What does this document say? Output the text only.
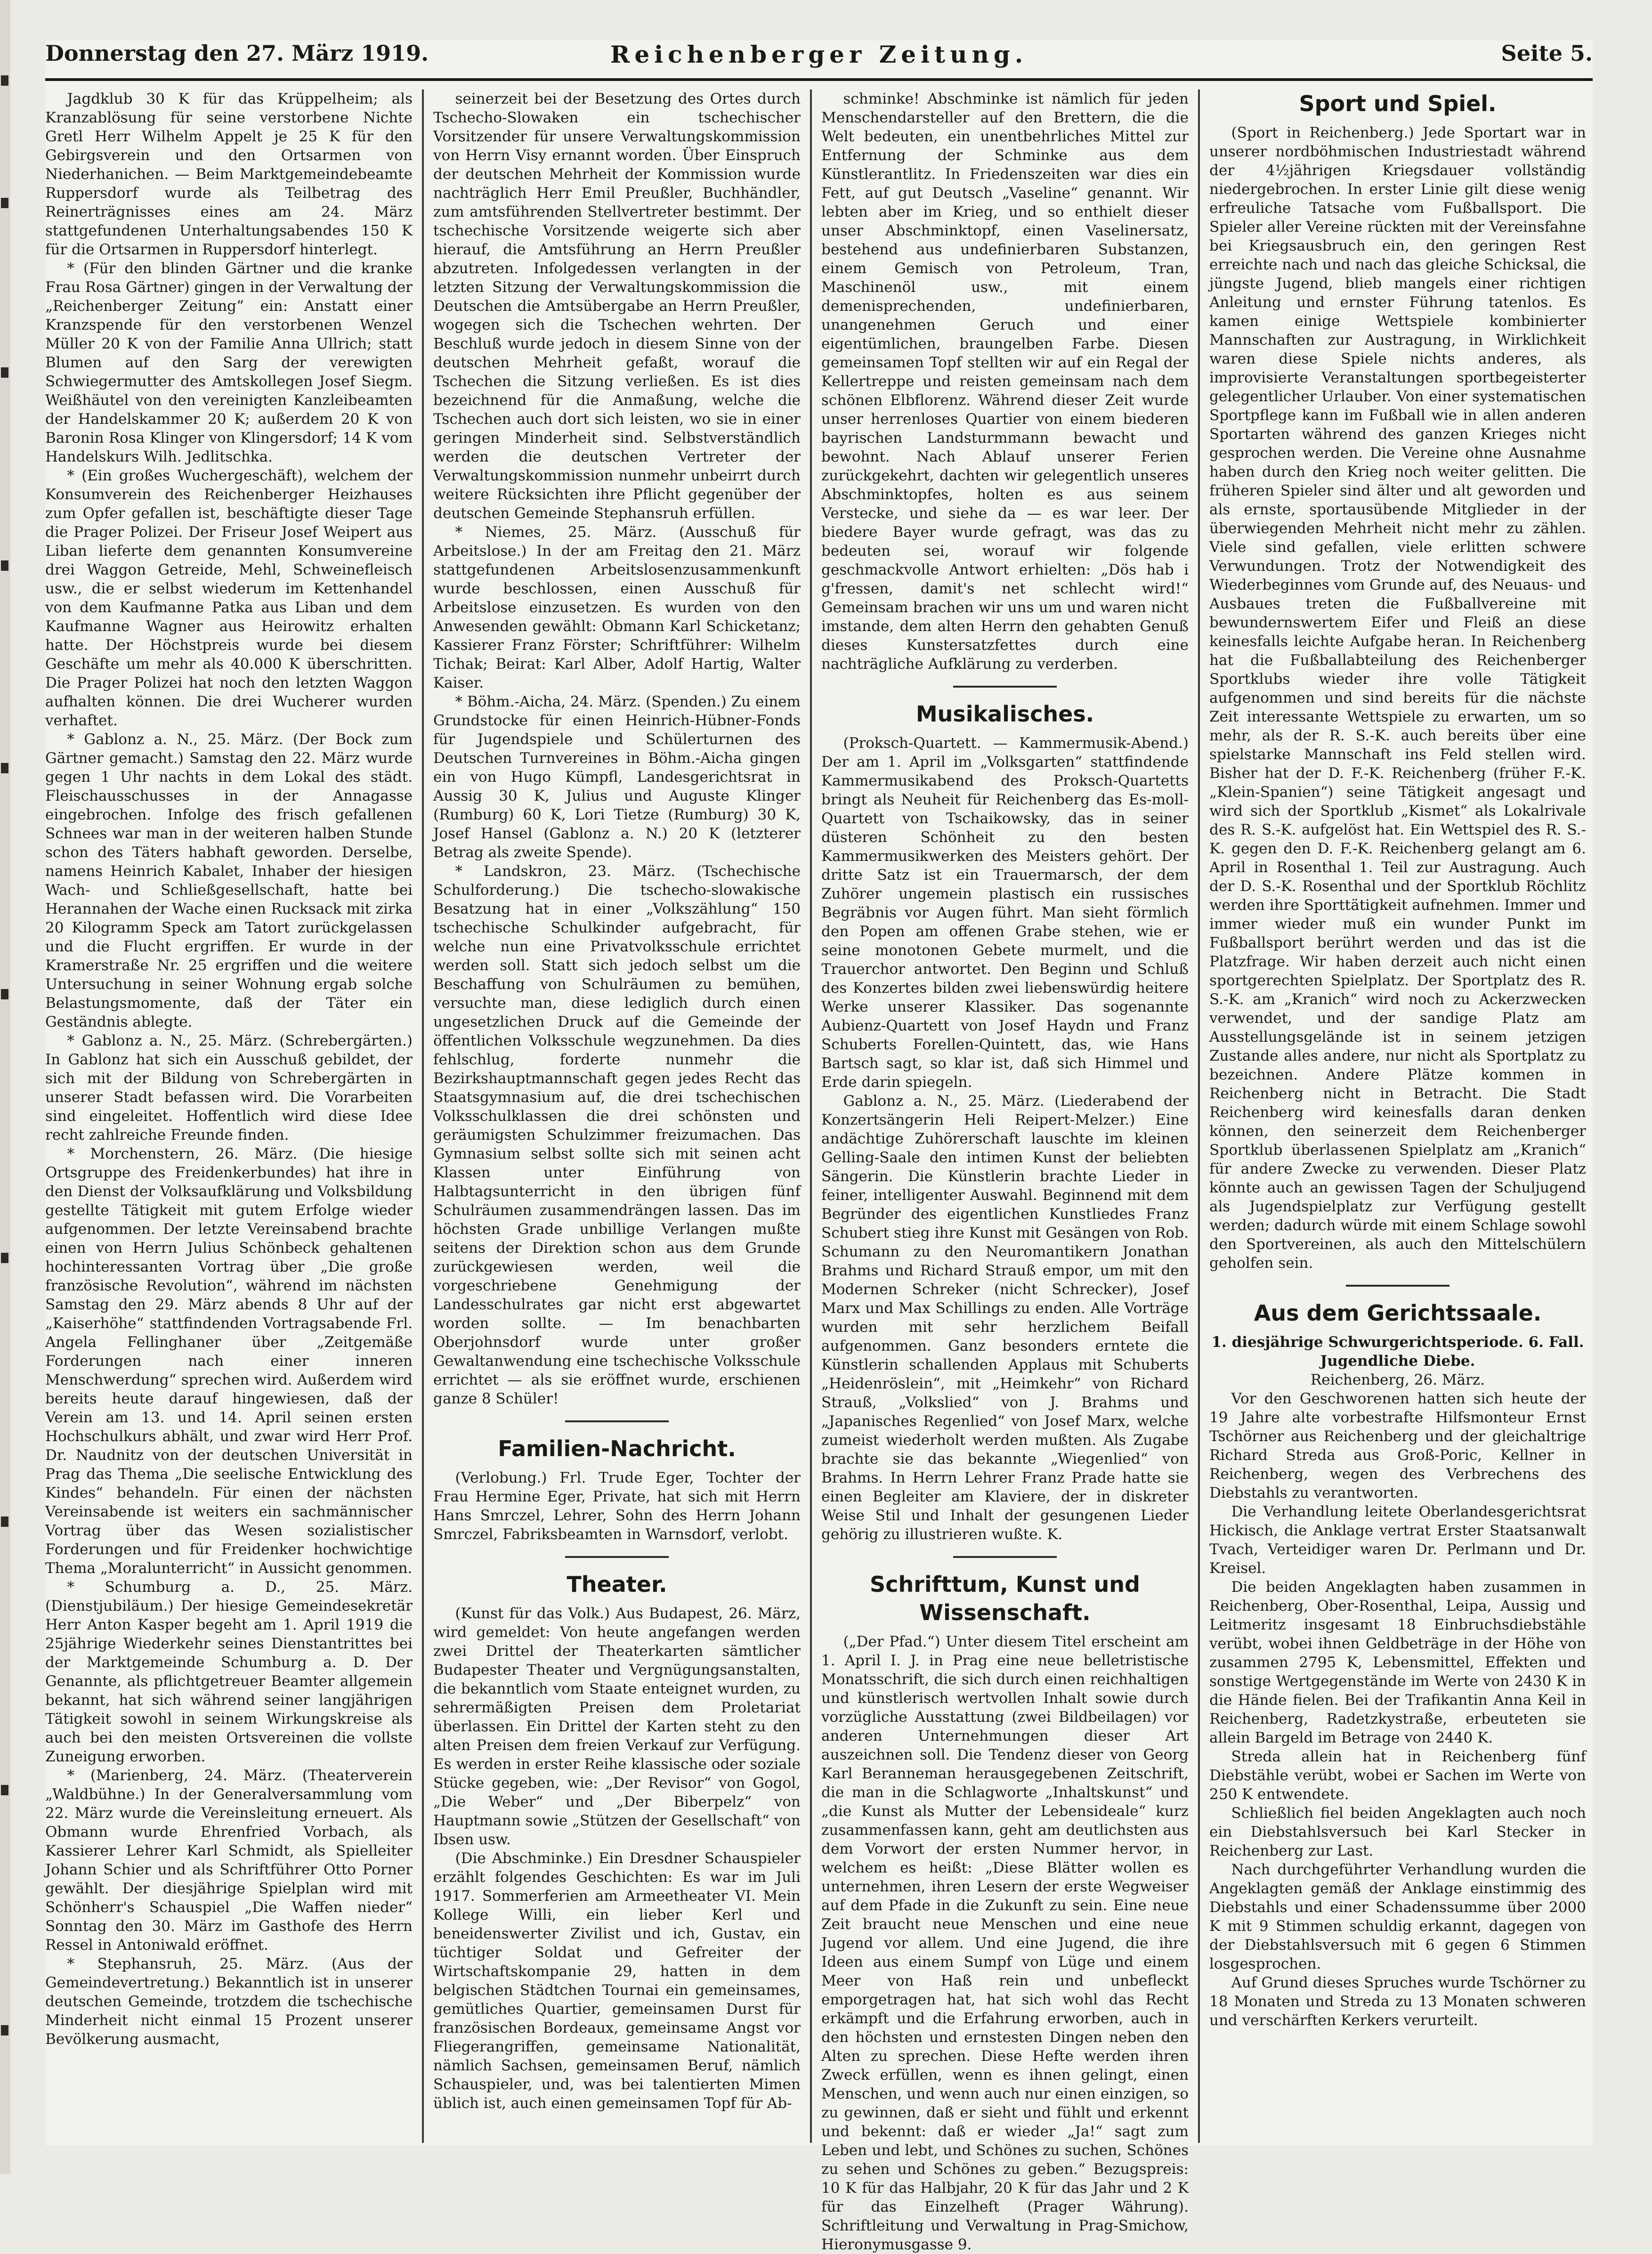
Donnerstag den 27. März 1919.	Reichenberger Zeitung.	Seite 5.

Jagdklub 30 K für das Krüppelheim; als Kranzablösung für seine verstorbene Nichte Gretl Herr Wilhelm Appelt je 25 K für den Gebirgsverein und den Ortsarmen von Niederhanichen. — Beim Marktgemeindebeamte Ruppersdorf wurde als Teilbetrag des Reinerträgnisses eines am 24. März stattgefundenen Unterhaltungsabendes 150 K für die Ortsarmen in Ruppersdorf hinterlegt.

* (Für den blinden Gärtner und die kranke Frau Rosa Gärtner) gingen in der Verwaltung der „Reichenberger Zeitung“ ein: Anstatt einer Kranzspende für den verstorbenen Wenzel Müller 20 K von der Familie Anna Ullrich; statt Blumen auf den Sarg der verewigten Schwiegermutter des Amtskollegen Josef Siegm. Weißhäutel von den vereinigten Kanzleibeamten der Handelskammer 20 K; außerdem 20 K von Baronin Rosa Klinger von Klingersdorf; 14 K vom Handelskurs Wilh. Jedlitschka.

* (Ein großes Wuchergeschäft), welchem der Konsumverein des Reichenberger Heizhauses zum Opfer gefallen ist, beschäftigte dieser Tage die Prager Polizei. Der Friseur Josef Weipert aus Liban lieferte dem genannten Konsumvereine drei Waggon Getreide, Mehl, Schweinefleisch usw., die er selbst wiederum im Kettenhandel von dem Kaufmanne Patka aus Liban und dem Kaufmanne Wagner aus Heirowitz erhalten hatte. Der Höchstpreis wurde bei diesem Geschäfte um mehr als 40.000 K überschritten. Die Prager Polizei hat noch den letzten Waggon aufhalten können. Die drei Wucherer wurden verhaftet.

* Gablonz a. N., 25. März. (Der Bock zum Gärtner gemacht.) Samstag den 22. März wurde gegen 1 Uhr nachts in dem Lokal des städt. Fleischausschusses in der Annagasse eingebrochen. Infolge des frisch gefallenen Schnees war man in der weiteren halben Stunde schon des Täters habhaft geworden. Derselbe, namens Heinrich Kabalet, Inhaber der hiesigen Wach- und Schließgesellschaft, hatte bei Herannahen der Wache einen Rucksack mit zirka 20 Kilogramm Speck am Tatort zurückgelassen und die Flucht ergriffen. Er wurde in der Kramerstraße Nr. 25 ergriffen und die weitere Untersuchung in seiner Wohnung ergab solche Belastungsmomente, daß der Täter ein Geständnis ablegte.

* Gablonz a. N., 25. März. (Schrebergärten.) In Gablonz hat sich ein Ausschuß gebildet, der sich mit der Bildung von Schrebergärten in unserer Stadt befassen wird. Die Vorarbeiten sind eingeleitet. Hoffentlich wird diese Idee recht zahlreiche Freunde finden.

* Morchenstern, 26. März. (Die hiesige Ortsgruppe des Freidenkerbundes) hat ihre in den Dienst der Volksaufklärung und Volksbildung gestellte Tätigkeit mit gutem Erfolge wieder aufgenommen. Der letzte Vereinsabend brachte einen von Herrn Julius Schönbeck gehaltenen hochinteressanten Vortrag über „Die große französische Revolution“, während im nächsten Samstag den 29. März abends 8 Uhr auf der „Kaiserhöhe“ stattfindenden Vortragsabende Frl. Angela Fellinghaner über „Zeitgemäße Forderungen nach einer inneren Menschwerdung“ sprechen wird. Außerdem wird bereits heute darauf hingewiesen, daß der Verein am 13. und 14. April seinen ersten Hochschulkurs abhält, und zwar wird Herr Prof. Dr. Naudnitz von der deutschen Universität in Prag das Thema „Die seelische Entwicklung des Kindes“ behandeln. Für einen der nächsten Vereinsabende ist weiters ein sachmännischer Vortrag über das Wesen sozialistischer Forderungen und für Freidenker hochwichtige Thema „Moralunterricht“ in Aussicht genommen.

* Schumburg a. D., 25. März. (Dienstjubiläum.) Der hiesige Gemeindesekretär Herr Anton Kasper begeht am 1. April 1919 die 25jährige Wiederkehr seines Dienstantrittes bei der Marktgemeinde Schumburg a. D. Der Genannte, als pflichtgetreuer Beamter allgemein bekannt, hat sich während seiner langjährigen Tätigkeit sowohl in seinem Wirkungskreise als auch bei den meisten Ortsvereinen die vollste Zuneigung erworben.

* (Marienberg, 24. März. (Theaterverein „Waldbühne.) In der Generalversammlung vom 22. März wurde die Vereinsleitung erneuert. Als Obmann wurde Ehrenfried Vorbach, als Kassierer Lehrer Karl Schmidt, als Spielleiter Johann Schier und als Schriftführer Otto Porner gewählt. Der diesjährige Spielplan wird mit Schönherr's Schauspiel „Die Waffen nieder“ Sonntag den 30. März im Gasthofe des Herrn Ressel in Antoniwald eröffnet.

* Stephansruh, 25. März. (Aus der Gemeindevertretung.) Bekanntlich ist in unserer deutschen Gemeinde, trotzdem die tschechische Minderheit nicht einmal 15 Prozent unserer Bevölkerung ausmacht,

seinerzeit bei der Besetzung des Ortes durch Tschecho-Slowaken ein tschechischer Vorsitzender für unsere Verwaltungskommission von Herrn Visy ernannt worden. Über Einspruch der deutschen Mehrheit der Kommission wurde nachträglich Herr Emil Preußler, Buchhändler, zum amtsführenden Stellvertreter bestimmt. Der tschechische Vorsitzende weigerte sich aber hierauf, die Amtsführung an Herrn Preußler abzutreten. Infolgedessen verlangten in der letzten Sitzung der Verwaltungskommission die Deutschen die Amtsübergabe an Herrn Preußler, wogegen sich die Tschechen wehrten. Der Beschluß wurde jedoch in diesem Sinne von der deutschen Mehrheit gefaßt, worauf die Tschechen die Sitzung verließen. Es ist dies bezeichnend für die Anmaßung, welche die Tschechen auch dort sich leisten, wo sie in einer geringen Minderheit sind. Selbstverständlich werden die deutschen Vertreter der Verwaltungskommission nunmehr unbeirrt durch weitere Rücksichten ihre Pflicht gegenüber der deutschen Gemeinde Stephansruh erfüllen.

* Niemes, 25. März. (Ausschuß für Arbeitslose.) In der am Freitag den 21. März stattgefundenen Arbeitslosenzusammenkunft wurde beschlossen, einen Ausschuß für Arbeitslose einzusetzen. Es wurden von den Anwesenden gewählt: Obmann Karl Schicketanz; Kassierer Franz Förster; Schriftführer: Wilhelm Tichak; Beirat: Karl Alber, Adolf Hartig, Walter Kaiser.

* Böhm.-Aicha, 24. März. (Spenden.) Zu einem Grundstocke für einen Heinrich-Hübner-Fonds für Jugendspiele und Schülerturnen des Deutschen Turnvereines in Böhm.-Aicha gingen ein von Hugo Kümpfl, Landesgerichtsrat in Aussig 30 K, Julius und Auguste Klinger (Rumburg) 60 K, Lori Tietze (Rumburg) 30 K, Josef Hansel (Gablonz a. N.) 20 K (letzterer Betrag als zweite Spende).

* Landskron, 23. März. (Tschechische Schulforderung.) Die tschecho-slowakische Besatzung hat in einer „Volkszählung“ 150 tschechische Schulkinder aufgebracht, für welche nun eine Privatvolksschule errichtet werden soll. Statt sich jedoch selbst um die Beschaffung von Schulräumen zu bemühen, versuchte man, diese lediglich durch einen ungesetzlichen Druck auf die Gemeinde der öffentlichen Volksschule wegzunehmen. Da dies fehlschlug, forderte nunmehr die Bezirkshauptmannschaft gegen jedes Recht das Staatsgymnasium auf, die drei tschechischen Volksschulklassen die drei schönsten und geräumigsten Schulzimmer freizumachen. Das Gymnasium selbst sollte sich mit seinen acht Klassen unter Einführung von Halbtagsunterricht in den übrigen fünf Schulräumen zusammendrängen lassen. Das im höchsten Grade unbillige Verlangen mußte seitens der Direktion schon aus dem Grunde zurückgewiesen werden, weil die vorgeschriebene Genehmigung der Landesschulrates gar nicht erst abgewartet worden sollte. — Im benachbarten Oberjohnsdorf wurde unter großer Gewaltanwendung eine tschechische Volksschule errichtet — als sie eröffnet wurde, erschienen ganze 8 Schüler!

Familien-Nachricht.

(Verlobung.) Frl. Trude Eger, Tochter der Frau Hermine Eger, Private, hat sich mit Herrn Hans Smrczel, Lehrer, Sohn des Herrn Johann Smrczel, Fabriksbeamten in Warnsdorf, verlobt.

Theater.

(Kunst für das Volk.) Aus Budapest, 26. März, wird gemeldet: Von heute angefangen werden zwei Drittel der Theaterkarten sämtlicher Budapester Theater und Vergnügungsanstalten, die bekanntlich vom Staate enteignet wurden, zu sehrermäßigten Preisen dem Proletariat überlassen. Ein Drittel der Karten steht zu den alten Preisen dem freien Verkauf zur Verfügung. Es werden in erster Reihe klassische oder soziale Stücke gegeben, wie: „Der Revisor“ von Gogol, „Die Weber“ und „Der Biberpelz“ von Hauptmann sowie „Stützen der Gesellschaft“ von Ibsen usw.

(Die Abschminke.) Ein Dresdner Schauspieler erzählt folgendes Geschichten: Es war im Juli 1917. Sommerferien am Armeetheater VI. Mein Kollege Willi, ein lieber Kerl und beneidenswerter Zivilist und ich, Gustav, ein tüchtiger Soldat und Gefreiter der Wirtschaftskompanie 29, hatten in dem belgischen Städtchen Tournai ein gemeinsames, gemütliches Quartier, gemeinsamen Durst für französischen Bordeaux, gemeinsame Angst vor Fliegerangriffen, gemeinsame Nationalität, nämlich Sachsen, gemeinsamen Beruf, nämlich Schauspieler, und, was bei talentierten Mimen üblich ist, auch einen gemeinsamen Topf für Ab-

schminke! Abschminke ist nämlich für jeden Menschendarsteller auf den Brettern, die die Welt bedeuten, ein unentbehrliches Mittel zur Entfernung der Schminke aus dem Künstlerantlitz. In Friedenszeiten war dies ein Fett, auf gut Deutsch „Vaseline“ genannt. Wir lebten aber im Krieg, und so enthielt dieser unser Abschminktopf, einen Vaselinersatz, bestehend aus undefinierbaren Substanzen, einem Gemisch von Petroleum, Tran, Maschinenöl usw., mit einem demenisprechenden, undefinierbaren, unangenehmen Geruch und einer eigentümlichen, braungelben Farbe. Diesen gemeinsamen Topf stellten wir auf ein Regal der Kellertreppe und reisten gemeinsam nach dem schönen Elbflorenz. Während dieser Zeit wurde unser herrenloses Quartier von einem biederen bayrischen Landsturmmann bewacht und bewohnt. Nach Ablauf unserer Ferien zurückgekehrt, dachten wir gelegentlich unseres Abschminktopfes, holten es aus seinem Verstecke, und siehe da — es war leer. Der biedere Bayer wurde gefragt, was das zu bedeuten sei, worauf wir folgende geschmackvolle Antwort erhielten: „Dös hab i g'fressen, damit's net schlecht wird!“ Gemeinsam brachen wir uns um und waren nicht imstande, dem alten Herrn den gehabten Genuß dieses Kunstersatzfettes durch eine nachträgliche Aufklärung zu verderben.

Musikalisches.

(Proksch-Quartett. — Kammermusik-Abend.) Der am 1. April im „Volksgarten“ stattfindende Kammermusikabend des Proksch-Quartetts bringt als Neuheit für Reichenberg das Es-moll-Quartett von Tschaikowsky, das in seiner düsteren Schönheit zu den besten Kammermusikwerken des Meisters gehört. Der dritte Satz ist ein Trauermarsch, der dem Zuhörer ungemein plastisch ein russisches Begräbnis vor Augen führt. Man sieht förmlich den Popen am offenen Grabe stehen, wie er seine monotonen Gebete murmelt, und die Trauerchor antwortet. Den Beginn und Schluß des Konzertes bilden zwei liebenswürdig heitere Werke unserer Klassiker. Das sogenannte Aubienz-Quartett von Josef Haydn und Franz Schuberts Forellen-Quintett, das, wie Hans Bartsch sagt, so klar ist, daß sich Himmel und Erde darin spiegeln.

Gablonz a. N., 25. März. (Liederabend der Konzertsängerin Heli Reipert-Melzer.) Eine andächtige Zuhörerschaft lauschte im kleinen Gelling-Saale den intimen Kunst der beliebten Sängerin. Die Künstlerin brachte Lieder in feiner, intelligenter Auswahl. Beginnend mit dem Begründer des eigentlichen Kunstliedes Franz Schubert stieg ihre Kunst mit Gesängen von Rob. Schumann zu den Neuromantikern Jonathan Brahms und Richard Strauß empor, um mit den Modernen Schreker (nicht Schrecker), Josef Marx und Max Schillings zu enden. Alle Vorträge wurden mit sehr herzlichem Beifall aufgenommen. Ganz besonders erntete die Künstlerin schallenden Applaus mit Schuberts „Heidenröslein“, mit „Heimkehr“ von Richard Strauß, „Volkslied“ von J. Brahms und „Japanisches Regenlied“ von Josef Marx, welche zumeist wiederholt werden mußten. Als Zugabe brachte sie das bekannte „Wiegenlied“ von Brahms. In Herrn Lehrer Franz Prade hatte sie einen Begleiter am Klaviere, der in diskreter Weise Stil und Inhalt der gesungenen Lieder gehörig zu illustrieren wußte. K.

Schrifttum, Kunst und Wissenschaft.

(„Der Pfad.“) Unter diesem Titel erscheint am 1. April I. J. in Prag eine neue belletristische Monatsschrift, die sich durch einen reichhaltigen und künstlerisch wertvollen Inhalt sowie durch vorzügliche Ausstattung (zwei Bildbeilagen) vor anderen Unternehmungen dieser Art auszeichnen soll. Die Tendenz dieser von Georg Karl Beranneman herausgegebenen Zeitschrift, die man in die Schlagworte „Inhaltskunst“ und „die Kunst als Mutter der Lebensideale“ kurz zusammenfassen kann, geht am deutlichsten aus dem Vorwort der ersten Nummer hervor, in welchem es heißt: „Diese Blätter wollen es unternehmen, ihren Lesern der erste Wegweiser auf dem Pfade in die Zukunft zu sein. Eine neue Zeit braucht neue Menschen und eine neue Jugend vor allem. Und eine Jugend, die ihre Ideen aus einem Sumpf von Lüge und einem Meer von Haß rein und unbefleckt emporgetragen hat, hat sich wohl das Recht erkämpft und die Erfahrung erworben, auch in den höchsten und ernstesten Dingen neben den Alten zu sprechen. Diese Hefte werden ihren Zweck erfüllen, wenn es ihnen gelingt, einen Menschen, und wenn auch nur einen einzigen, so zu gewinnen, daß er sieht und fühlt und erkennt und bekennt: daß er wieder „Ja!“ sagt zum Leben und lebt, und Schönes zu suchen, Schönes zu sehen und Schönes zu geben.“ Bezugspreis: 10 K für das Halbjahr, 20 K für das Jahr und 2 K für das Einzelheft (Prager Währung). Schriftleitung und Verwaltung in Prag-Smichow, Hieronymusgasse 9.

Sport und Spiel.

(Sport in Reichenberg.) Jede Sportart war in unserer nordböhmischen Industriestadt während der 4½jährigen Kriegsdauer vollständig niedergebrochen. In erster Linie gilt diese wenig erfreuliche Tatsache vom Fußballsport. Die Spieler aller Vereine rückten mit der Vereinsfahne bei Kriegsausbruch ein, den geringen Rest erreichte nach und nach das gleiche Schicksal, die jüngste Jugend, blieb mangels einer richtigen Anleitung und ernster Führung tatenlos. Es kamen einige Wettspiele kombinierter Mannschaften zur Austragung, in Wirklichkeit waren diese Spiele nichts anderes, als improvisierte Veranstaltungen sportbegeisterter gelegentlicher Urlauber. Von einer systematischen Sportpflege kann im Fußball wie in allen anderen Sportarten während des ganzen Krieges nicht gesprochen werden. Die Vereine ohne Ausnahme haben durch den Krieg noch weiter gelitten. Die früheren Spieler sind älter und alt geworden und als ernste, sportausübende Mitglieder in der überwiegenden Mehrheit nicht mehr zu zählen. Viele sind gefallen, viele erlitten schwere Verwundungen. Trotz der Notwendigkeit des Wiederbeginnes vom Grunde auf, des Neuaus- und Ausbaues treten die Fußballvereine mit bewundernswertem Eifer und Fleiß an diese keinesfalls leichte Aufgabe heran. In Reichenberg hat die Fußballabteilung des Reichenberger Sportklubs wieder ihre volle Tätigkeit aufgenommen und sind bereits für die nächste Zeit interessante Wettspiele zu erwarten, um so mehr, als der R. S.-K. auch bereits über eine spielstarke Mannschaft ins Feld stellen wird. Bisher hat der D. F.-K. Reichenberg (früher F.-K. „Klein-Spanien“) seine Tätigkeit angesagt und wird sich der Sportklub „Kismet“ als Lokalrivale des R. S.-K. aufgelöst hat. Ein Wettspiel des R. S.-K. gegen den D. F.-K. Reichenberg gelangt am 6. April in Rosenthal 1. Teil zur Austragung. Auch der D. S.-K. Rosenthal und der Sportklub Röchlitz werden ihre Sporttätigkeit aufnehmen. Immer und immer wieder muß ein wunder Punkt im Fußballsport berührt werden und das ist die Platzfrage. Wir haben derzeit auch nicht einen sportgerechten Spielplatz. Der Sportplatz des R. S.-K. am „Kranich“ wird noch zu Ackerzwecken verwendet, und der sandige Platz am Ausstellungsgelände ist in seinem jetzigen Zustande alles andere, nur nicht als Sportplatz zu bezeichnen. Andere Plätze kommen in Reichenberg nicht in Betracht. Die Stadt Reichenberg wird keinesfalls daran denken können, den seinerzeit dem Reichenberger Sportklub überlassenen Spielplatz am „Kranich“ für andere Zwecke zu verwenden. Dieser Platz könnte auch an gewissen Tagen der Schuljugend als Jugendspielplatz zur Verfügung gestellt werden; dadurch würde mit einem Schlage sowohl den Sportvereinen, als auch den Mittelschülern geholfen sein.

Aus dem Gerichtssaale.

1. diesjährige Schwurgerichtsperiode. 6. Fall.

Jugendliche Diebe.

Reichenberg, 26. März.

Vor den Geschworenen hatten sich heute der 19 Jahre alte vorbestrafte Hilfsmonteur Ernst Tschörner aus Reichenberg und der gleichaltrige Richard Streda aus Groß-Poric, Kellner in Reichenberg, wegen des Verbrechens des Diebstahls zu verantworten.

Die Verhandlung leitete Oberlandesgerichtsrat Hickisch, die Anklage vertrat Erster Staatsanwalt Tvach, Verteidiger waren Dr. Perlmann und Dr. Kreisel.

Die beiden Angeklagten haben zusammen in Reichenberg, Ober-Rosenthal, Leipa, Aussig und Leitmeritz insgesamt 18 Einbruchsdiebstähle verübt, wobei ihnen Geldbeträge in der Höhe von zusammen 2795 K, Lebensmittel, Effekten und sonstige Wertgegenstände im Werte von 2430 K in die Hände fielen. Bei der Trafikantin Anna Keil in Reichenberg, Radetzkystraße, erbeuteten sie allein Bargeld im Betrage von 2440 K.

Streda allein hat in Reichenberg fünf Diebstähle verübt, wobei er Sachen im Werte von 250 K entwendete.

Schließlich fiel beiden Angeklagten auch noch ein Diebstahlsversuch bei Karl Stecker in Reichenberg zur Last.

Nach durchgeführter Verhandlung wurden die Angeklagten gemäß der Anklage einstimmig des Diebstahls und einer Schadenssumme über 2000 K mit 9 Stimmen schuldig erkannt, dagegen von der Diebstahlsversuch mit 6 gegen 6 Stimmen losgesprochen.

Auf Grund dieses Spruches wurde Tschörner zu 18 Monaten und Streda zu 13 Monaten schweren und verschärften Kerkers verurteilt.
